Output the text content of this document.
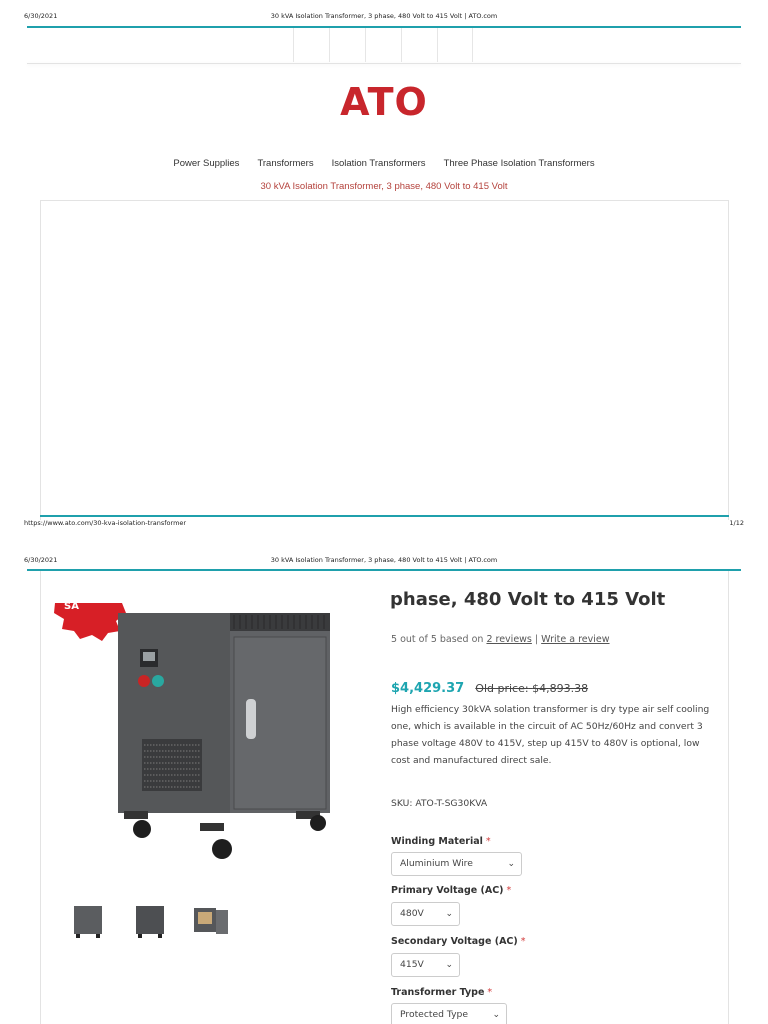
6/30/2021	30 kVA Isolation Transformer, 3 phase, 480 Volt to 415 Volt | ATO.com
ATO
Power Supplies Transformers Isolation Transformers Three Phase Isolation Transformers
30 kVA Isolation Transformer, 3 phase, 480 Volt to 415 Volt
https://www.ato.com/30-kva-isolation-transformer	1/12
6/30/2021	30 kVA Isolation Transformer, 3 phase, 480 Volt to 415 Volt | ATO.com
SA	phase, 480 Volt to 415 Volt
5 out of 5 based on 2 reviews | Write a review
$4,429.37 Old price: $4,893.38
High efficiency 30kVA solation transformer is dry type air self cooling one, which is available in the circuit of AC 50Hz/60Hz and convert 3 phase voltage 480V to 415V, step up 415V to 480V is optional, low cost and manufactured direct sale.
SKU: ATO-T-SG30KVA
Winding Material *
Aluminium Wire	⌄
Primary Voltage (AC) *
480V ⌄
Secondary Voltage (AC) *
415V ⌄
Transformer Type *
Protected Type	⌄
